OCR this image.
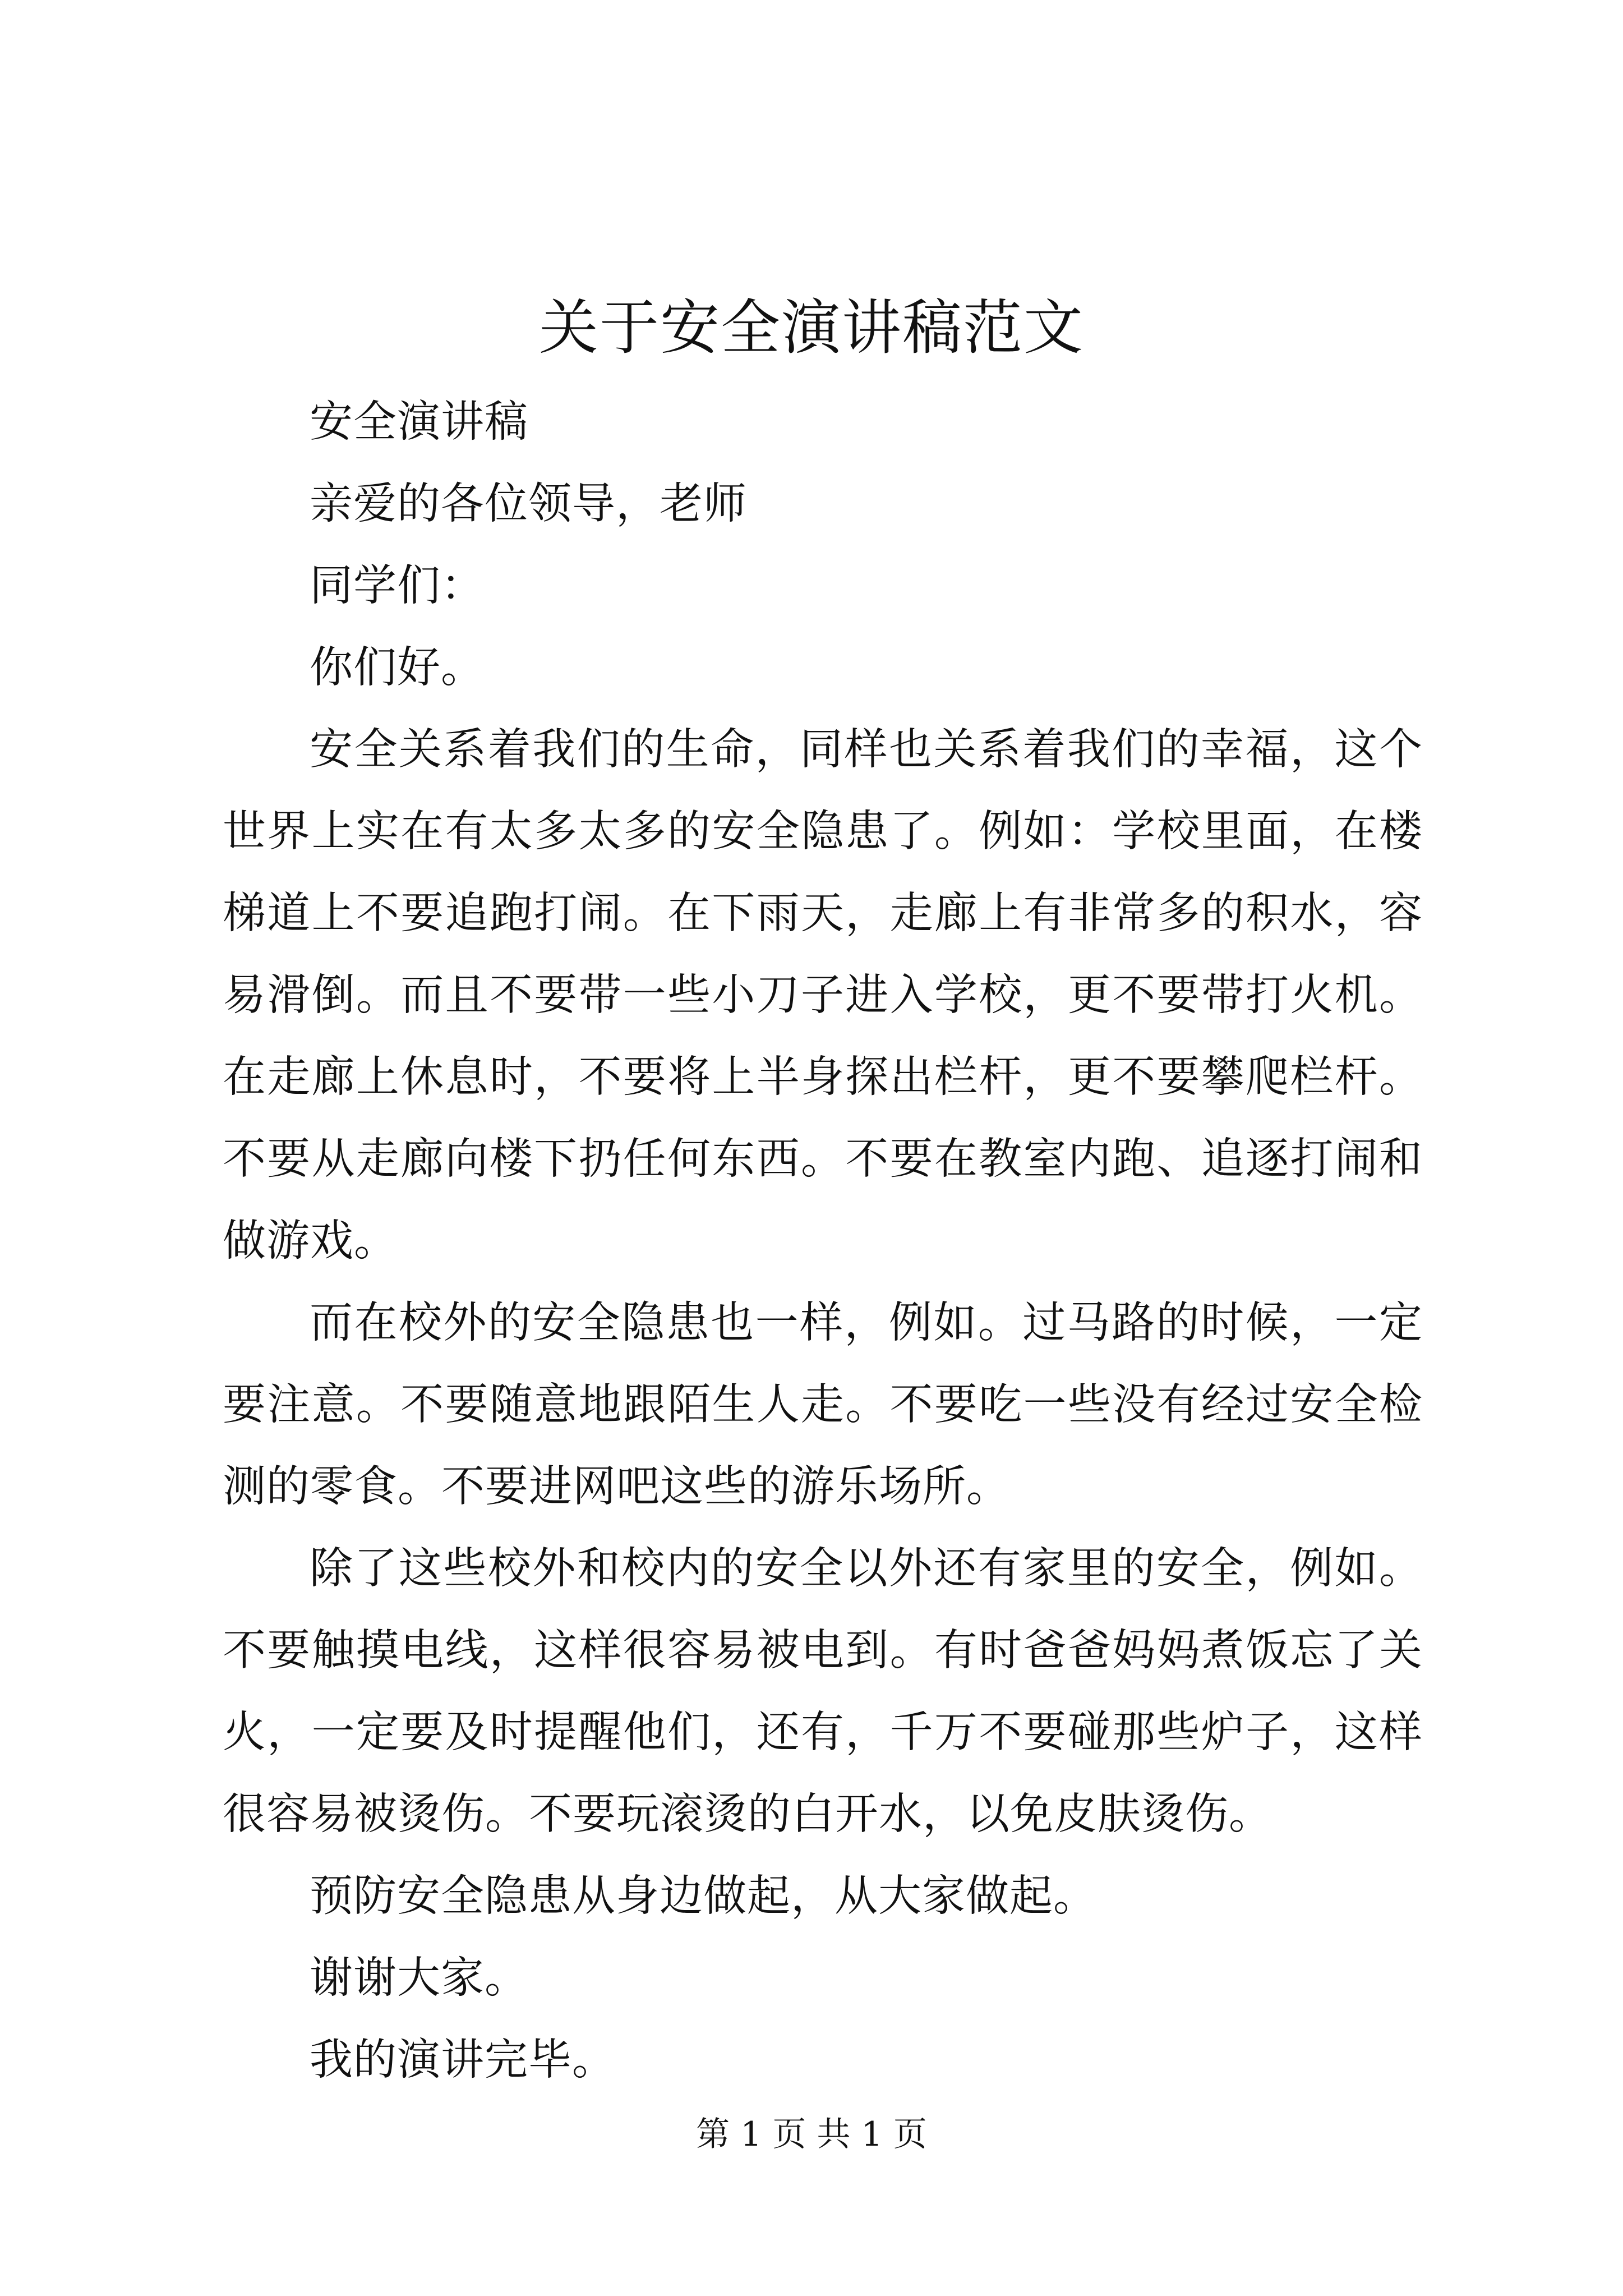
关于安全演讲稿范文

安全演讲稿

亲爱的各位领导，老师

同学们：

你们好。

安全关系着我们的生命，同样也关系着我们的幸福，这个世界上实在有太多太多的安全隐患了。例如：学校里面，在楼梯道上不要追跑打闹。在下雨天，走廊上有非常多的积水，容易滑倒。而且不要带一些小刀子进入学校，更不要带打火机。在走廊上休息时，不要将上半身探出栏杆，更不要攀爬栏杆。不要从走廊向楼下扔任何东西。不要在教室内跑、追逐打闹和做游戏。

而在校外的安全隐患也一样，例如。过马路的时候，一定要注意。不要随意地跟陌生人走。不要吃一些没有经过安全检测的零食。不要进网吧这些的游乐场所。

除了这些校外和校内的安全以外还有家里的安全，例如。不要触摸电线，这样很容易被电到。有时爸爸妈妈煮饭忘了关火，一定要及时提醒他们，还有，千万不要碰那些炉子，这样很容易被烫伤。不要玩滚烫的白开水，以免皮肤烫伤。

预防安全隐患从身边做起，从大家做起。

谢谢大家。

我的演讲完毕。

第 1 页 共 1 页
